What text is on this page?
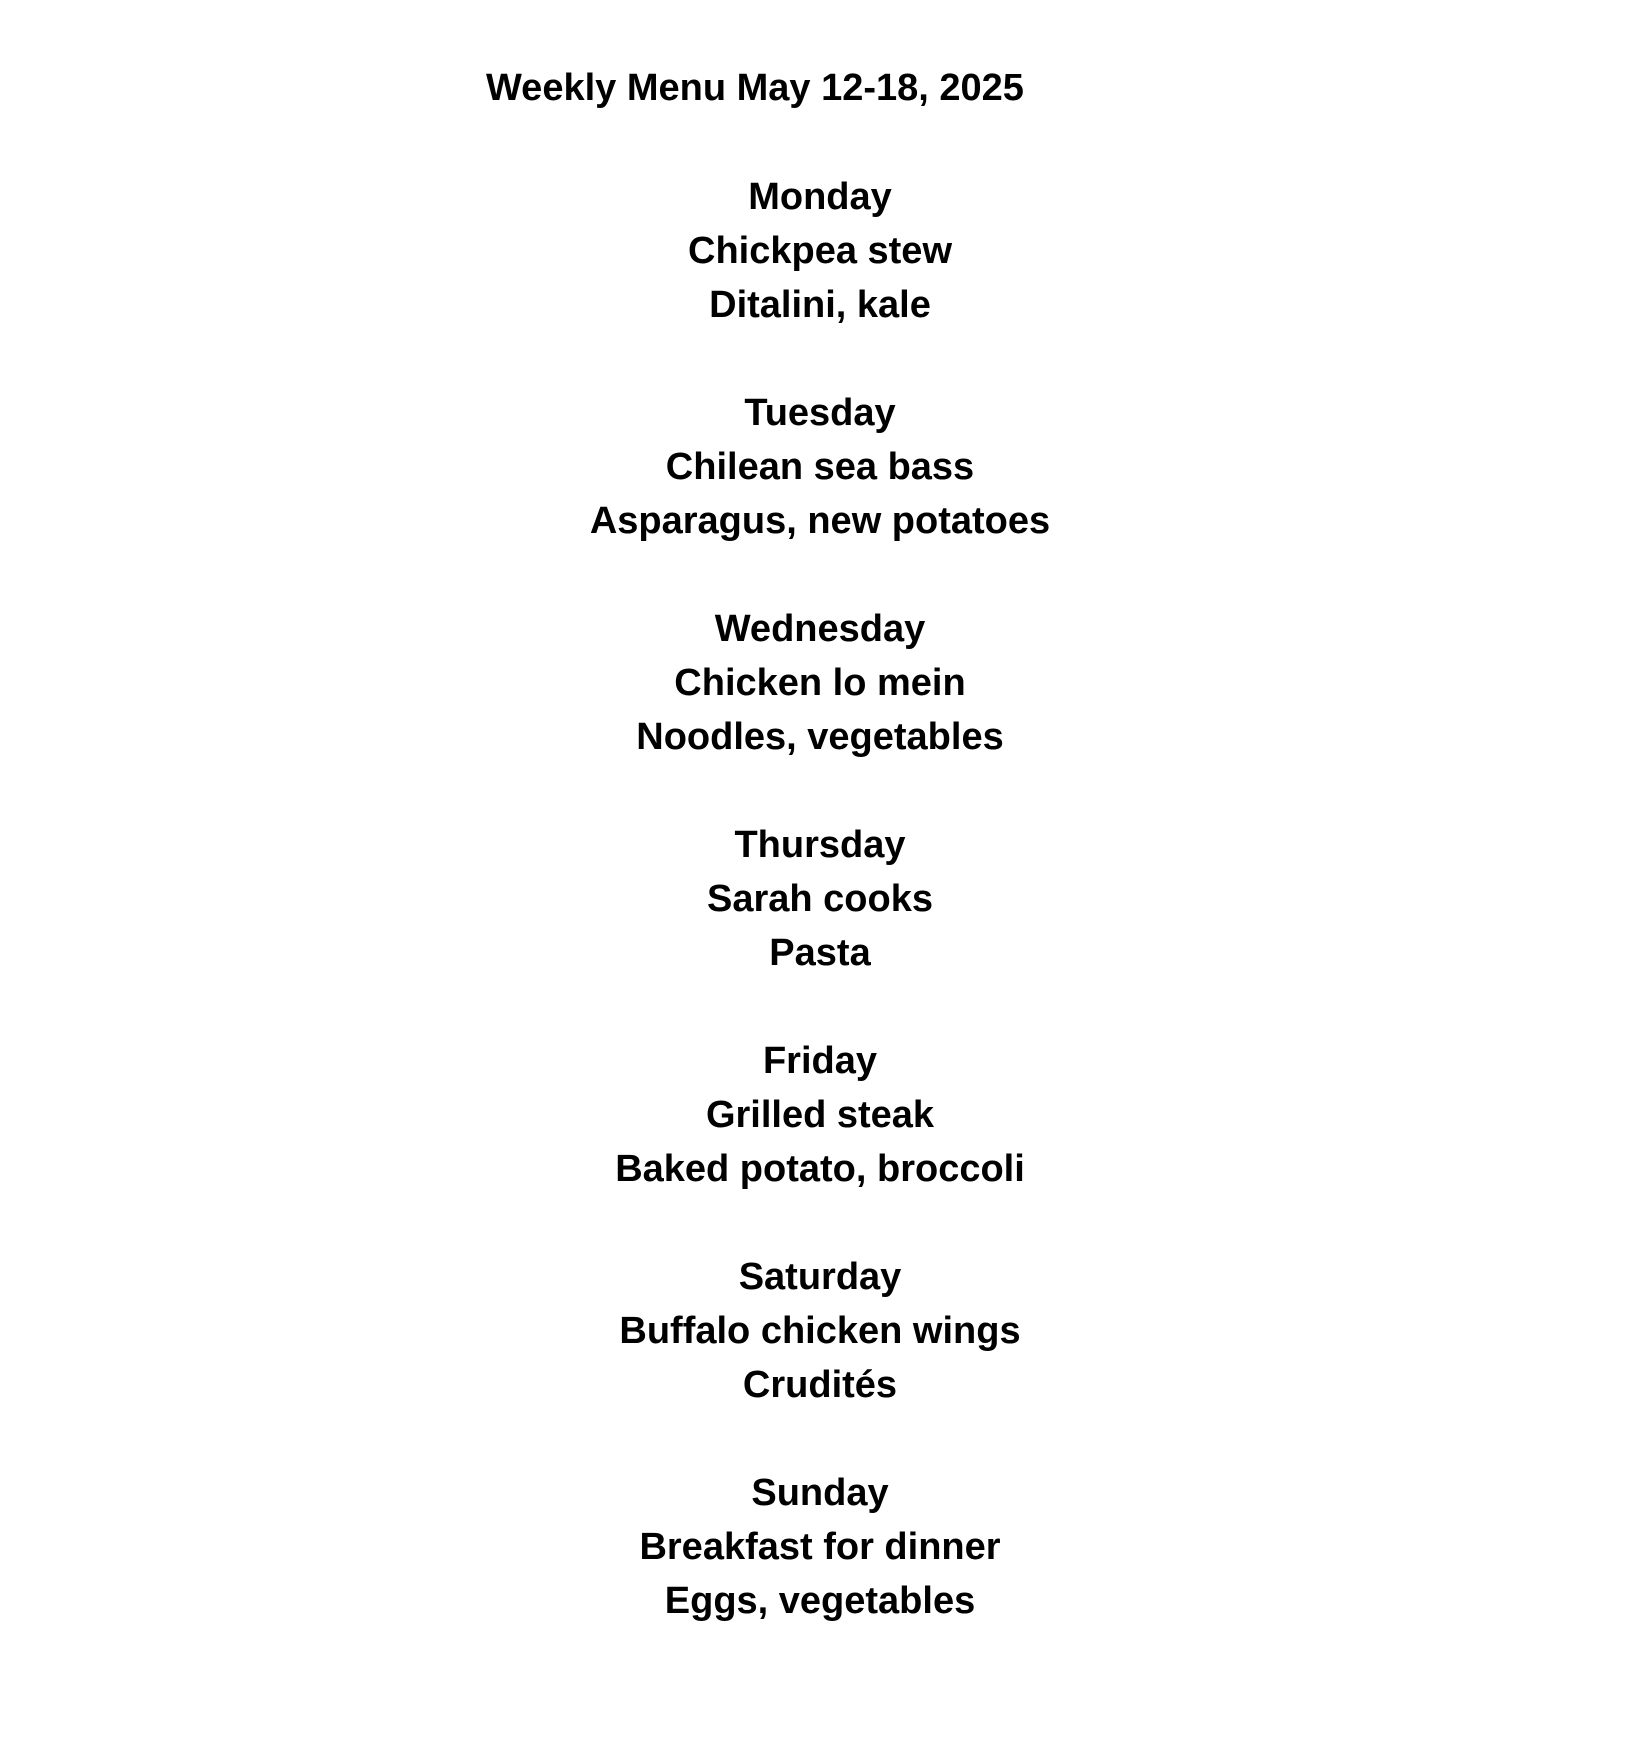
Weekly Menu May 12-18, 2025
Monday
Chickpea stew
Ditalini, kale
Tuesday
Chilean sea bass
Asparagus, new potatoes
Wednesday
Chicken lo mein
Noodles, vegetables
Thursday
Sarah cooks
Pasta
Friday
Grilled steak
Baked potato, broccoli
Saturday
Buffalo chicken wings
Crudités
Sunday
Breakfast for dinner
Eggs, vegetables
